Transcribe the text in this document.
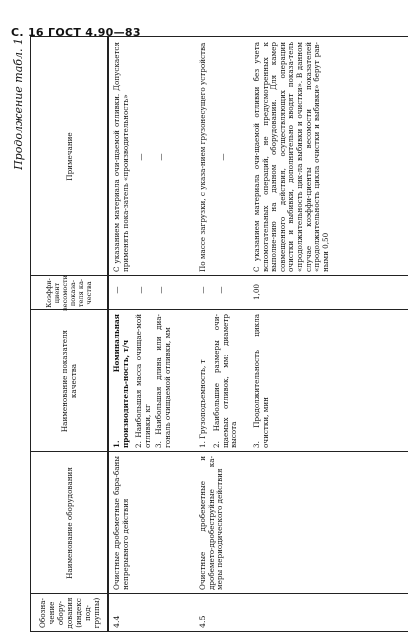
С. 16 ГОСТ 4.90—83
Продолжение табл. 1
Обозна-чение обору-дования (индекс под-группы)
Наименование оборудования
Наименование показателя качества
Коэффи-циент весомости показа-теля ка-чества
Примечание
4.4
Очистные дробеметные бара-баны непрерывного действия
1. Номинальная производитель-ность, т/ч 2. Наибольшая масса очищае-мой отливки, кг 3. Наибольшая длина или диа-гональ очищаемой отливки, мм
— — —
С указанием материала очи-щаемой отливки. Допускается применять пока-затель «производительность» — —
4.5
Очистные дробеметные и дробемето-дробеструйные ка-меры периодического действия
1. Грузоподъемность, т 2. Наибольшие размеры очи-щаемых отливок, мм: диаметр высота 3. Продолжительность цикла очистки, мин
— —	1,00
По массе загрузки, с указа-нием грузонесущего устройства —	С указанием материала очи-щаемой отливки без учета вспомогательных операций, не предусмотренных к выполне-нию на данном оборудовании. Для камер совмещенного действия, осуществляющих операции очистки и выбивки, дополнительно вводят показа-тель «продолжительность цик-ла выбивки и очистки». В данном случае коэффи-циенты весомости показателей «продолжительность цикла очистки и выбивки» берут рав-ными 0,50
